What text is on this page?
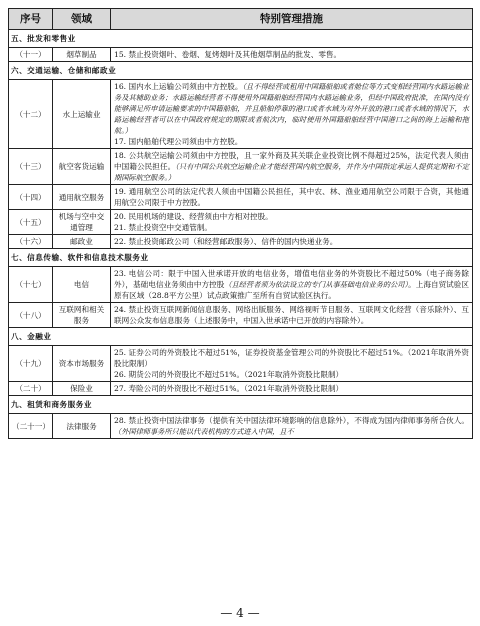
序号	领域	特别管理措施
五、批发和零售业		
（十一）	烟草制品	15. 禁止投资烟叶、卷烟、复烤烟叶及其他烟草制品的批发、零售。
六、交通运输、仓储和邮政业		
（十二）	水上运输业	16. 国内水上运输公司须由中方控股。（且不得经营或租用中国籍船舶或者舱位等方式变相经营国内水路运输业务及其辅助业务；水路运输经营者不得使用外国籍船舶经营国内水路运输业务，但经中国政府批准，在国内没有能够满足所申请运输要求的中国籍船舶，并且船舶停靠的港口或者水域为对外开放的港口或者水域的情况下，水路运输经营者可以在中国政府规定的期限或者航次内，临时使用外国籍船舶经营中国港口之间的海上运输和拖航。）
17. 国内船舶代理公司须由中方控股。

（十三）	航空客货运输	18. 公共航空运输公司须由中方控股，且一家外商及其关联企业投资比例不得超过25%，法定代表人须由中国籍公民担任。（只有中国公共航空运输企业才能经营国内航空服务，并作为中国指定承运人提供定期和不定期国际航空服务。）
（十四）	通用航空服务	19. 通用航空公司的法定代表人须由中国籍公民担任，其中农、林、渔业通用航空公司限于合资，其他通用航空公司限于中方控股。
（十五）	机场与空中交通管理	20. 民用机场的建设、经营须由中方相对控股。
21. 禁止投资空中交通管制。

（十六）	邮政业	22. 禁止投资邮政公司（和经营邮政服务）、信件的国内快递业务。
七、信息传输、软件和信息技术服务业		
（十七）	电信	23. 电信公司：限于中国入世承诺开放的电信业务，增值电信业务的外资股比不超过50%（电子商务除外），基础电信业务须由中方控股（且经营者须为依法设立的专门从事基础电信业务的公司）。上海自贸试验区原有区域（28.8平方公里）试点政策推广至所有自贸试验区执行。
（十八）	互联网和相关服务	24. 禁止投资互联网新闻信息服务、网络出版服务、网络视听节目服务、互联网文化经营（音乐除外）、互联网公众发布信息服务（上述服务中，中国入世承诺中已开放的内容除外）。
八、金融业		
（十九）	资本市场服务	25. 证券公司的外资股比不超过51%，证券投资基金管理公司的外资股比不超过51%。（2021年取消外资股比限制）
26. 期货公司的外资股比不超过51%。（2021年取消外资股比限制）

（二十）	保险业	27. 寿险公司的外资股比不超过51%。（2021年取消外资股比限制）
九、租赁和商务服务业		
（二十一）	法律服务	28. 禁止投资中国法律事务（提供有关中国法律环境影响的信息除外），不得成为国内律师事务所合伙人。（外国律师事务所只能以代表机构的方式进入中国，且不
— 4 —
